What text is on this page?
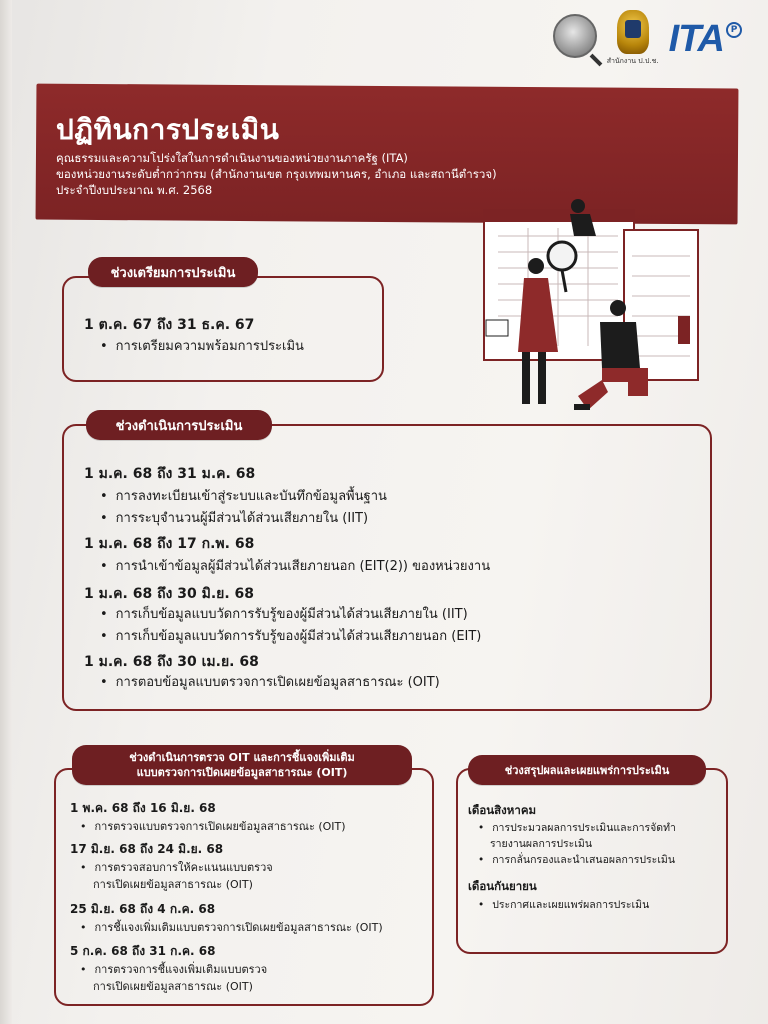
สำนักงาน ป.ป.ช.
ITA P
ปฏิทินการประเมิน
คุณธรรมและความโปร่งใสในการดำเนินงานของหน่วยงานภาครัฐ (ITA)
ของหน่วยงานระดับต่ำกว่ากรม (สำนักงานเขต กรุงเทพมหานคร, อำเภอ และสถานีตำรวจ)
ประจำปีงบประมาณ พ.ศ. 2568
ช่วงเตรียมการประเมิน
1 ต.ค. 67 ถึง 31 ธ.ค. 67
• การเตรียมความพร้อมการประเมิน
ช่วงดำเนินการประเมิน
1 ม.ค. 68 ถึง 31 ม.ค. 68
• การลงทะเบียนเข้าสู่ระบบและบันทึกข้อมูลพื้นฐาน
• การระบุจำนวนผู้มีส่วนได้ส่วนเสียภายใน (IIT)
1 ม.ค. 68 ถึง 17 ก.พ. 68
• การนำเข้าข้อมูลผู้มีส่วนได้ส่วนเสียภายนอก (EIT(2)) ของหน่วยงาน
1 ม.ค. 68 ถึง 30 มิ.ย. 68
• การเก็บข้อมูลแบบวัดการรับรู้ของผู้มีส่วนได้ส่วนเสียภายใน (IIT)
• การเก็บข้อมูลแบบวัดการรับรู้ของผู้มีส่วนได้ส่วนเสียภายนอก (EIT)
1 ม.ค. 68 ถึง 30 เม.ย. 68
• การตอบข้อมูลแบบตรวจการเปิดเผยข้อมูลสาธารณะ (OIT)
ช่วงดำเนินการตรวจ OIT และการชี้แจงเพิ่มเติม
แบบตรวจการเปิดเผยข้อมูลสาธารณะ (OIT)
1 พ.ค. 68 ถึง 16 มิ.ย. 68
• การตรวจแบบตรวจการเปิดเผยข้อมูลสาธารณะ (OIT)
17 มิ.ย. 68 ถึง 24 มิ.ย. 68
• การตรวจสอบการให้คะแนนแบบตรวจ
การเปิดเผยข้อมูลสาธารณะ (OIT)
25 มิ.ย. 68 ถึง 4 ก.ค. 68
• การชี้แจงเพิ่มเติมแบบตรวจการเปิดเผยข้อมูลสาธารณะ (OIT)
5 ก.ค. 68 ถึง 31 ก.ค. 68
• การตรวจการชี้แจงเพิ่มเติมแบบตรวจ
การเปิดเผยข้อมูลสาธารณะ (OIT)
ช่วงสรุปผลและเผยแพร่การประเมิน
เดือนสิงหาคม
• การประมวลผลการประเมินและการจัดทำ
รายงานผลการประเมิน
• การกลั่นกรองและนำเสนอผลการประเมิน
เดือนกันยายน
• ประกาศและเผยแพร่ผลการประเมิน
